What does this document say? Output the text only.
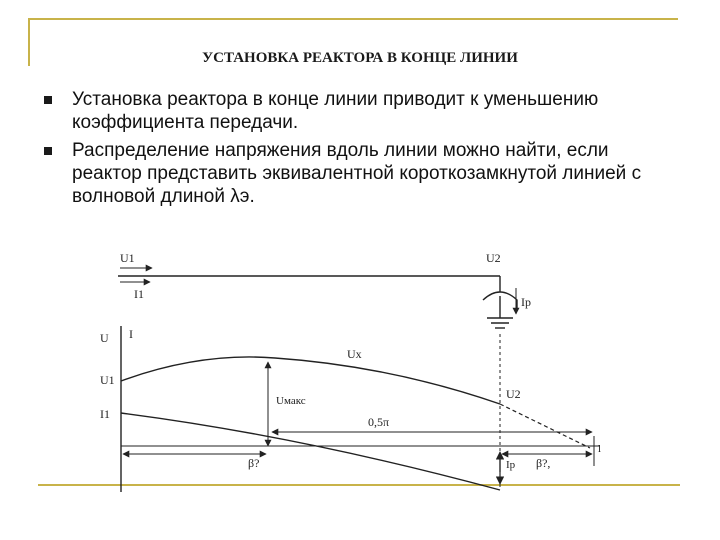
УСТАНОВКА РЕАКТОРА В КОНЦЕ ЛИНИИ
Установка реактора в конце линии приводит к уменьшению коэффициента передачи.
Распределение напряжения вдоль линии можно найти, если реактор представить эквивалентной короткозамкнутой линией с волновой длиной λэ.
U1
I1
U2
Ip
U I
U1
I1
Ux
U2
Uмакс
0,5π
l
β?	β?,
Ip
